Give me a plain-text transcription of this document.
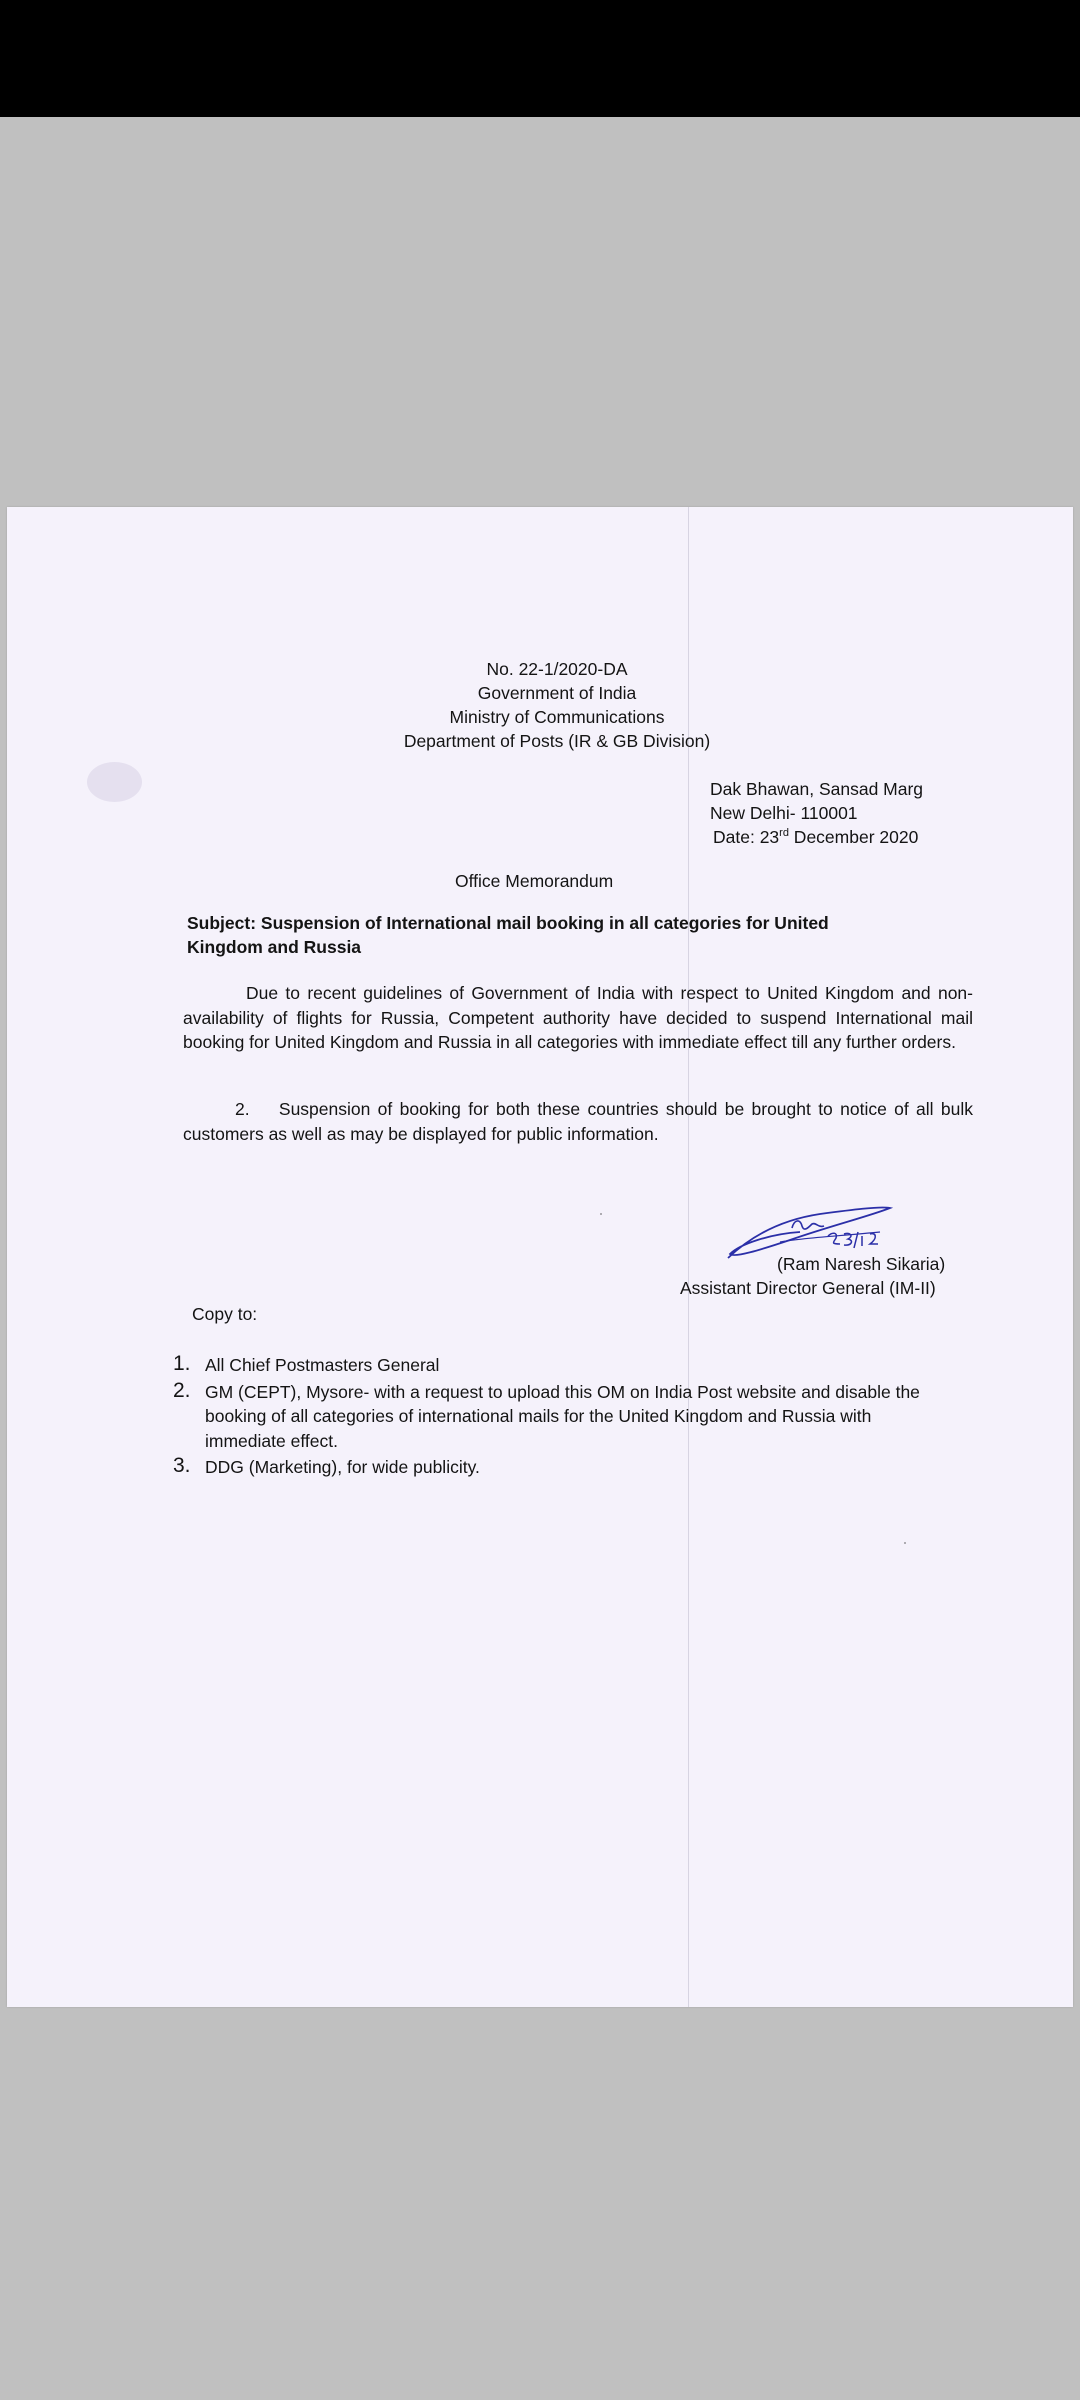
No. 22-1/2020-DA
Government of India
Ministry of Communications
Department of Posts (IR & GB Division)
Dak Bhawan, Sansad Marg
New Delhi- 110001
Date: 23rd December 2020
Office Memorandum
Subject: Suspension of International mail booking in all categories for United Kingdom and Russia
Due to recent guidelines of Government of India with respect to United Kingdom and non-availability of flights for Russia, Competent authority have decided to suspend International mail booking for United Kingdom and Russia in all categories with immediate effect till any further orders.
2.    Suspension of booking for both these countries should be brought to notice of all bulk customers as well as may be displayed for public information.
(Ram Naresh Sikaria)
Assistant Director General (IM-II)
Copy to:
1. All Chief Postmasters General
2. GM (CEPT), Mysore- with a request to upload this OM on India Post website and disable the booking of all categories of international mails for the United Kingdom and Russia with immediate effect.
3. DDG (Marketing), for wide publicity.
